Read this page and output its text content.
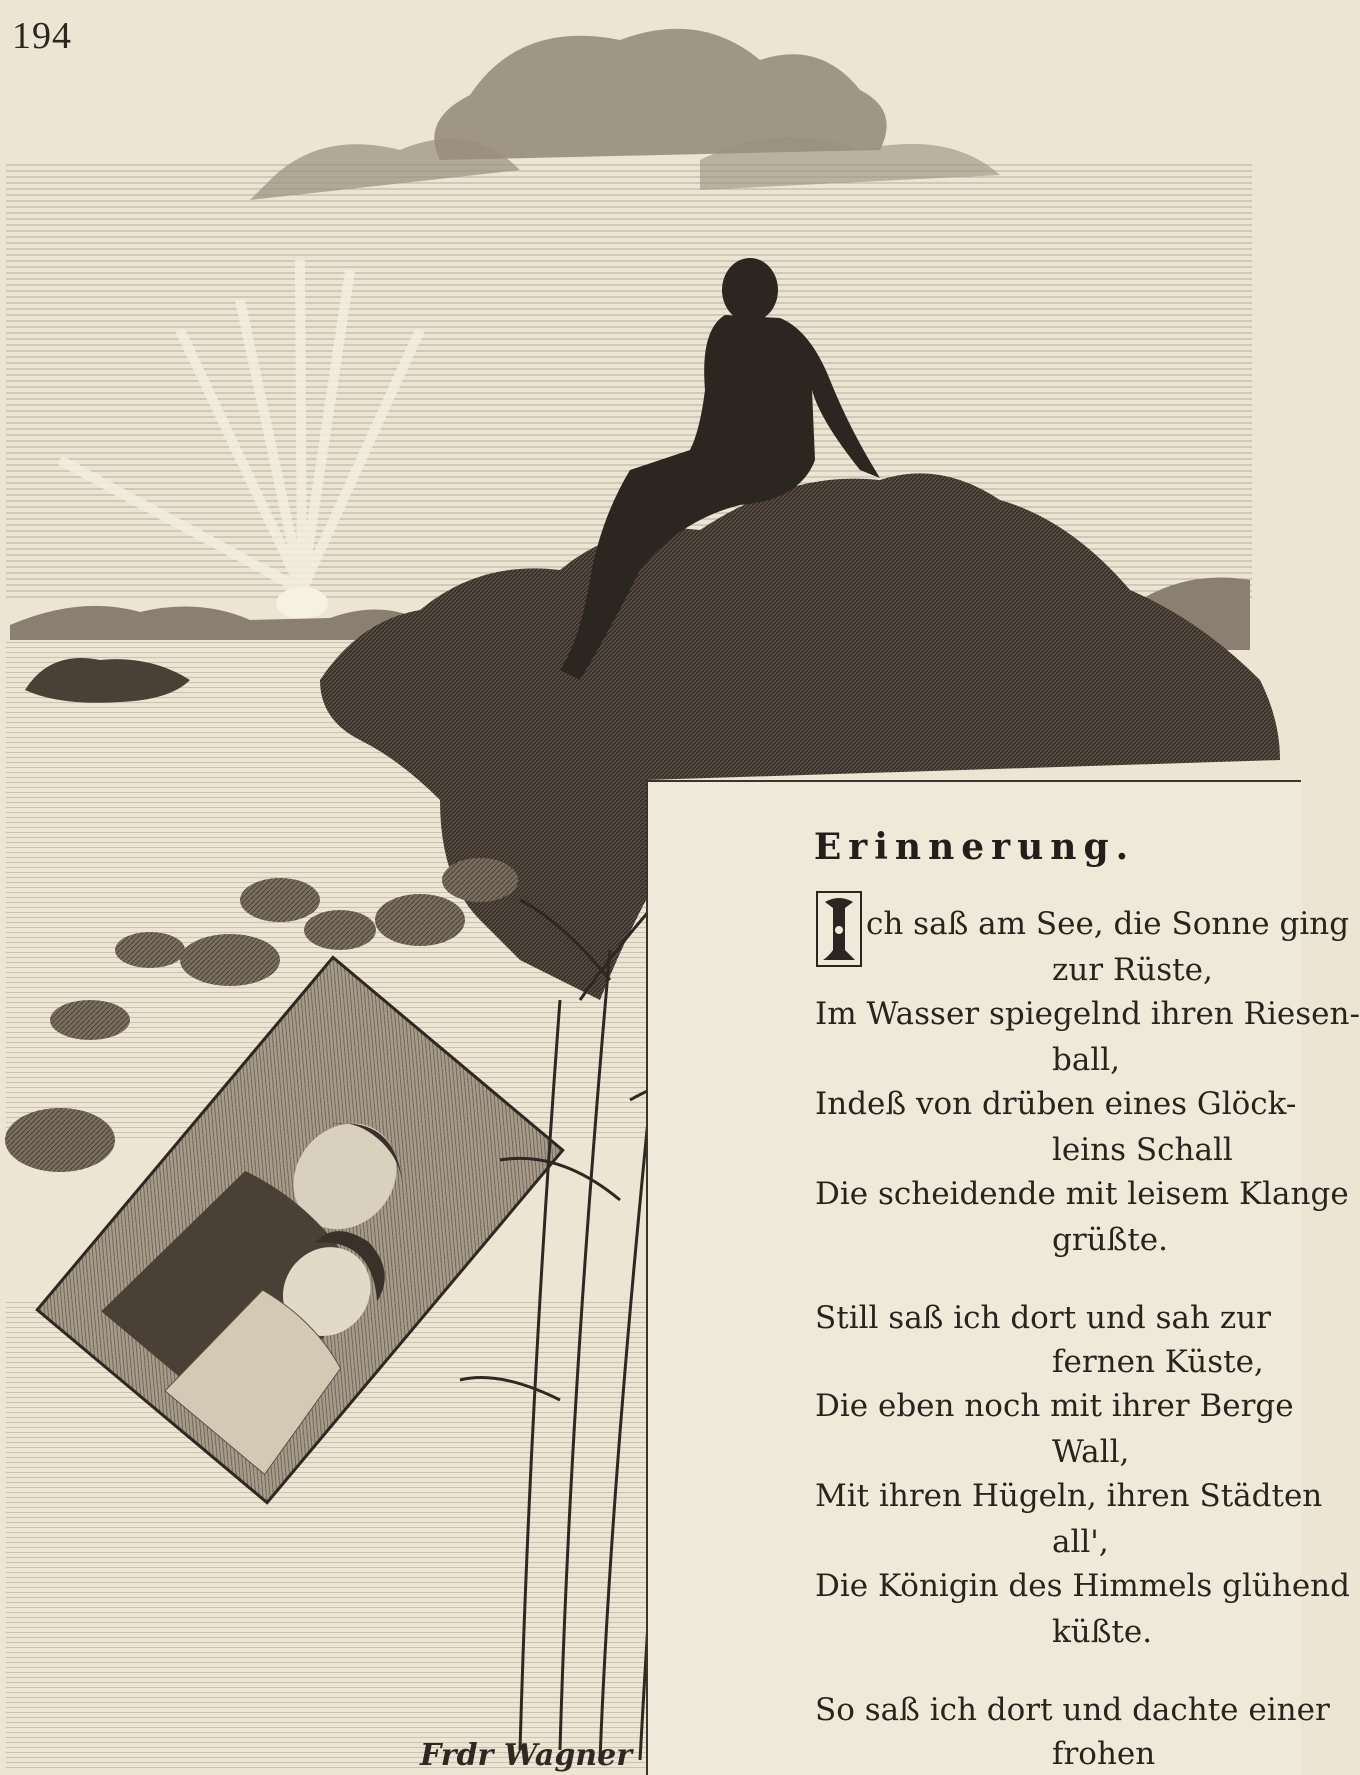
194
Erinnerung.
ch saß am See, die Sonne ging
zur Rüste,
Im Wasser spiegelnd ihren Riesen-
ball,
Indeß von drüben eines Glöck-
leins Schall
Die scheidende mit leisem Klange
grüßte.
Still saß ich dort und sah zur
fernen Küste,
Die eben noch mit ihrer Berge
Wall,
Mit ihren Hügeln, ihren Städten
all',
Die Königin des Himmels glühend
küßte.
So saß ich dort und dachte einer
frohen
Frdr Wagner
